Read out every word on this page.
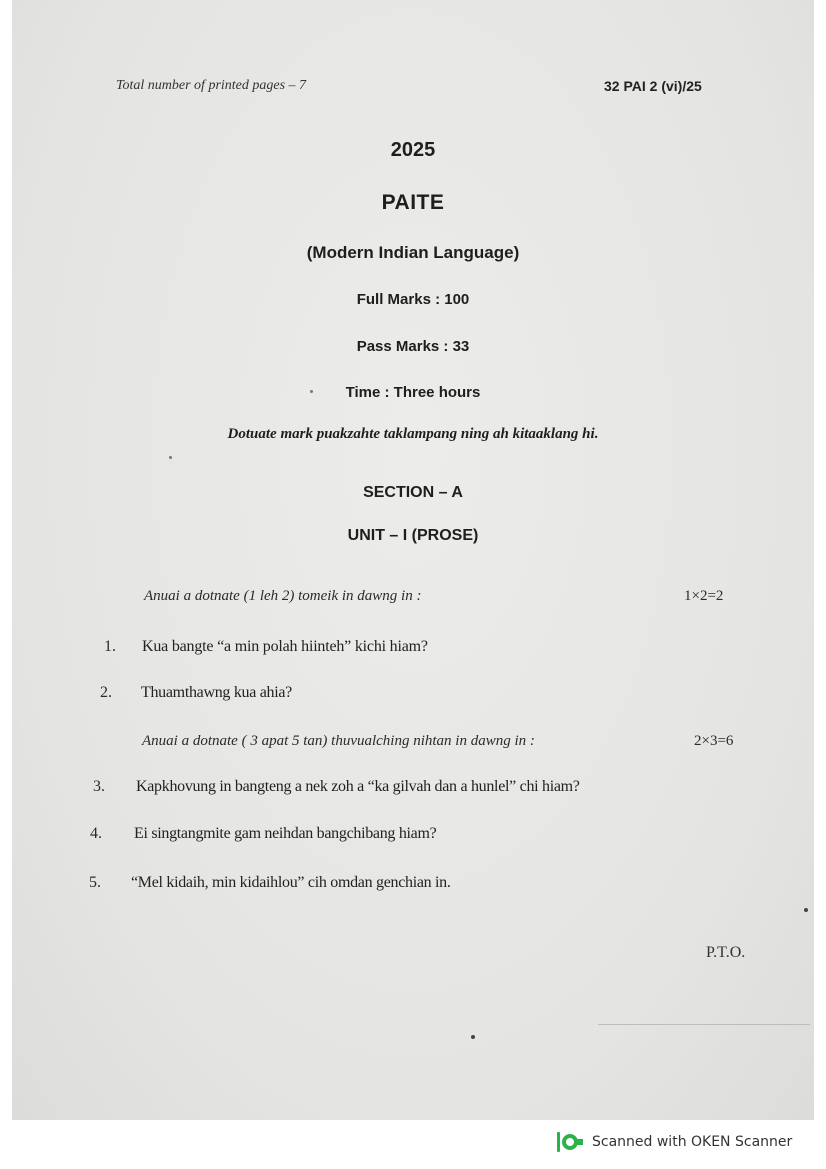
Total number of printed pages – 7	32 PAI 2 (vi)/25
2025
PAITE
(Modern Indian Language)
Full Marks : 100
Pass Marks : 33
Time : Three hours
Dotuate mark puakzahte taklampang ning ah kitaaklang hi.
SECTION – A
UNIT – I (PROSE)
Anuai a dotnate (1 leh 2) tomeik in dawng in :	1×2=2
1. Kua bangte “a min polah hiinteh” kichi hiam?
2. Thuamthawng kua ahia?
Anuai a dotnate ( 3 apat 5 tan) thuvualching nihtan in dawng in :	2×3=6
3. Kapkhovung in bangteng a nek zoh a “ka gilvah dan a hunlel” chi hiam?
4. Ei singtangmite gam neihdan bangchibang hiam?
5. “Mel kidaih, min kidaihlou” cih omdan genchian in.
P.T.O.
Scanned with OKEN Scanner
